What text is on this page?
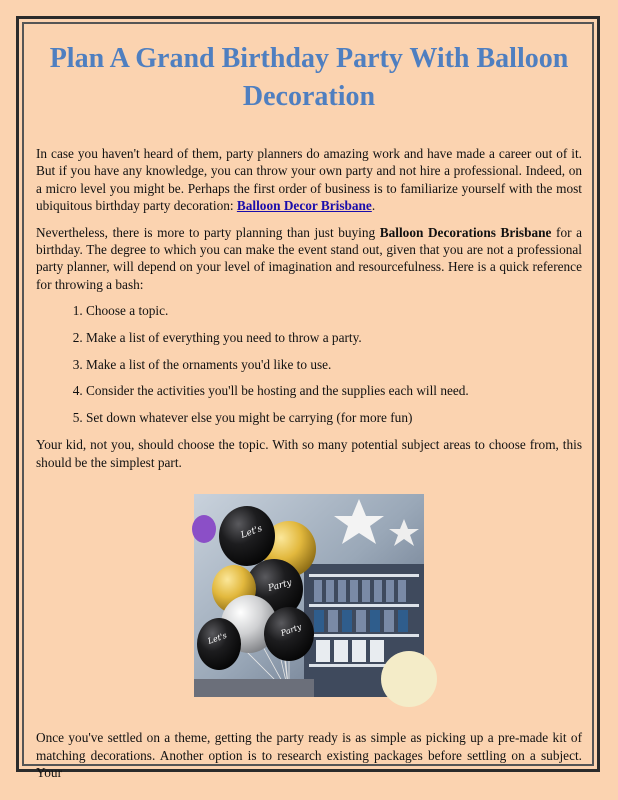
Plan A Grand Birthday Party With Balloon Decoration

In case you haven't heard of them, party planners do amazing work and have made a career out of it. But if you have any knowledge, you can throw your own party and not hire a professional. Indeed, on a micro level you might be. Perhaps the first order of business is to familiarize yourself with the most ubiquitous birthday party decoration: Balloon Decor Brisbane.

Nevertheless, there is more to party planning than just buying Balloon Decorations Brisbane for a birthday. The degree to which you can make the event stand out, given that you are not a professional party planner, will depend on your level of imagination and resourcefulness. Here is a quick reference for throwing a bash:

1. Choose a topic.
2. Make a list of everything you need to throw a party.
3. Make a list of the ornaments you'd like to use.
4. Consider the activities you'll be hosting and the supplies each will need.
5. Set down whatever else you might be carrying (for more fun)

Your kid, not you, should choose the topic. With so many potential subject areas to choose from, this should be the simplest part.

Let's
Party
Let's
Party

Once you've settled on a theme, getting the party ready is as simple as picking up a pre-made kit of matching decorations. Another option is to research existing packages before settling on a subject. Your
